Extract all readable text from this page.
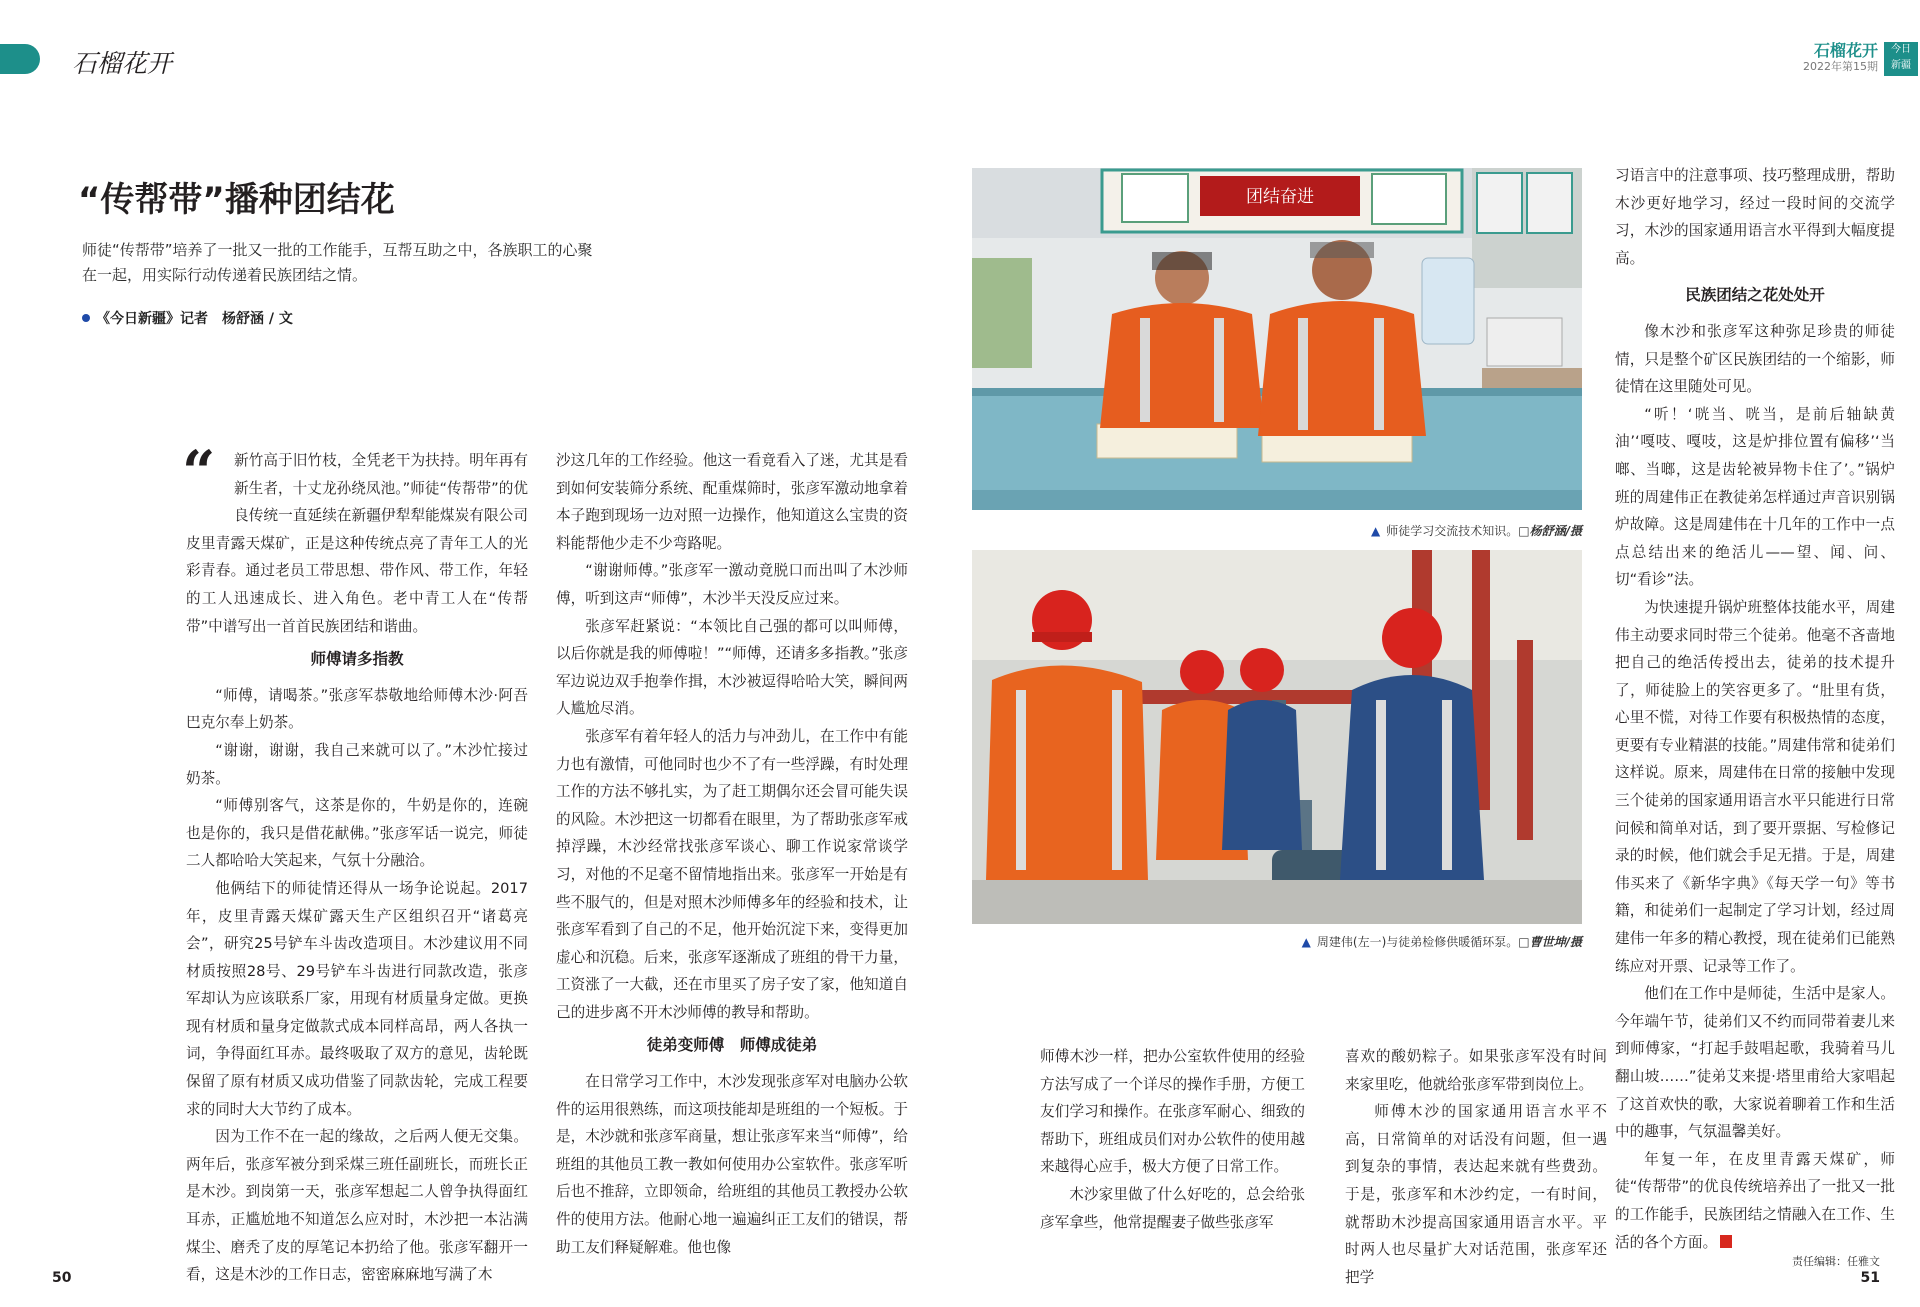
石榴花开	石榴花开
2022年第15期
今日
新疆
“传帮带”播种团结花

师徒“传帮带”培养了一批又一批的工作能手，互帮互助之中，各族职工的心聚在一起，用实际行动传递着民族团结之情。

《今日新疆》记者　杨舒涵 / 文
“	新竹高于旧竹枝，全凭老干为扶持。明年再有新生者，十丈龙孙绕凤池。”师徒“传帮带”的优良传统一直延续在新疆伊犁犁能煤炭有限公司皮里青露天煤矿，正是这种传统点亮了青年工人的光彩青春。通过老员工带思想、带作风、带工作，年轻的工人迅速成长、进入角色。老中青工人在“传帮带”中谱写出一首首民族团结和谐曲。

师傅请多指教

“师傅，请喝茶。”张彦军恭敬地给师傅木沙·阿吾巴克尔奉上奶茶。

“谢谢，谢谢，我自己来就可以了。”木沙忙接过奶茶。

“师傅别客气，这茶是你的，牛奶是你的，连碗也是你的，我只是借花献佛。”张彦军话一说完，师徒二人都哈哈大笑起来，气氛十分融洽。

他俩结下的师徒情还得从一场争论说起。2017年，皮里青露天煤矿露天生产区组织召开“诸葛亮会”，研究25号铲车斗齿改造项目。木沙建议用不同材质按照28号、29号铲车斗齿进行同款改造，张彦军却认为应该联系厂家，用现有材质量身定做。更换现有材质和量身定做款式成本同样高昂，两人各执一词，争得面红耳赤。最终吸取了双方的意见，齿轮既保留了原有材质又成功借鉴了同款齿轮，完成工程要求的同时大大节约了成本。

因为工作不在一起的缘故，之后两人便无交集。两年后，张彦军被分到采煤三班任副班长，而班长正是木沙。到岗第一天，张彦军想起二人曾争执得面红耳赤，正尴尬地不知道怎么应对时，木沙把一本沾满煤尘、磨秃了皮的厚笔记本扔给了他。张彦军翻开一看，这是木沙的工作日志，密密麻麻地写满了木

沙这几年的工作经验。他这一看竟看入了迷，尤其是看到如何安装筛分系统、配重煤筛时，张彦军激动地拿着本子跑到现场一边对照一边操作，他知道这么宝贵的资料能帮他少走不少弯路呢。

“谢谢师傅。”张彦军一激动竟脱口而出叫了木沙师傅，听到这声“师傅”，木沙半天没反应过来。

张彦军赶紧说：“本领比自己强的都可以叫师傅，以后你就是我的师傅啦！”“师傅，还请多多指教。”张彦军边说边双手抱拳作揖，木沙被逗得哈哈大笑，瞬间两人尴尬尽消。

张彦军有着年轻人的活力与冲劲儿，在工作中有能力也有激情，可他同时也少不了有一些浮躁，有时处理工作的方法不够扎实，为了赶工期偶尔还会冒可能失误的风险。木沙把这一切都看在眼里，为了帮助张彦军戒掉浮躁，木沙经常找张彦军谈心、聊工作说家常谈学习，对他的不足毫不留情地指出来。张彦军一开始是有些不服气的，但是对照木沙师傅多年的经验和技术，让张彦军看到了自己的不足，他开始沉淀下来，变得更加虚心和沉稳。后来，张彦军逐渐成了班组的骨干力量，工资涨了一大截，还在市里买了房子安了家，他知道自己的进步离不开木沙师傅的教导和帮助。

徒弟变师傅　师傅成徒弟

在日常学习工作中，木沙发现张彦军对电脑办公软件的运用很熟练，而这项技能却是班组的一个短板。于是，木沙就和张彦军商量，想让张彦军来当“师傅”，给班组的其他员工教一教如何使用办公室软件。张彦军听后也不推辞，立即领命，给班组的其他员工教授办公软件的使用方法。他耐心地一遍遍纠正工友们的错误，帮助工友们释疑解难。他也像

团结奋进
▲ 师徒学习交流技术知识。□杨舒涵/摄
▲ 周建伟(左一)与徒弟检修供暖循环泵。□曹世坤/摄

师傅木沙一样，把办公室软件使用的经验方法写成了一个详尽的操作手册，方便工友们学习和操作。在张彦军耐心、细致的帮助下，班组成员们对办公软件的使用越来越得心应手，极大方便了日常工作。

木沙家里做了什么好吃的，总会给张彦军拿些，他常提醒妻子做些张彦军

喜欢的酸奶粽子。如果张彦军没有时间来家里吃，他就给张彦军带到岗位上。

师傅木沙的国家通用语言水平不高，日常简单的对话没有问题，但一遇到复杂的事情，表达起来就有些费劲。于是，张彦军和木沙约定，一有时间，就帮助木沙提高国家通用语言水平。平时两人也尽量扩大对话范围，张彦军还把学

习语言中的注意事项、技巧整理成册，帮助木沙更好地学习，经过一段时间的交流学习，木沙的国家通用语言水平得到大幅度提高。

民族团结之花处处开

像木沙和张彦军这种弥足珍贵的师徒情，只是整个矿区民族团结的一个缩影，师徒情在这里随处可见。

“听！‘咣当、咣当，是前后轴缺黄油’‘嘎吱、嘎吱，这是炉排位置有偏移’‘当啷、当啷，这是齿轮被异物卡住了’。”锅炉班的周建伟正在教徒弟怎样通过声音识别锅炉故障。这是周建伟在十几年的工作中一点点总结出来的绝活儿——望、闻、问、切“看诊”法。

为快速提升锅炉班整体技能水平，周建伟主动要求同时带三个徒弟。他毫不吝啬地把自己的绝活传授出去，徒弟的技术提升了，师徒脸上的笑容更多了。“肚里有货，心里不慌，对待工作要有积极热情的态度，更要有专业精湛的技能。”周建伟常和徒弟们这样说。原来，周建伟在日常的接触中发现三个徒弟的国家通用语言水平只能进行日常问候和简单对话，到了要开票据、写检修记录的时候，他们就会手足无措。于是，周建伟买来了《新华字典》《每天学一句》等书籍，和徒弟们一起制定了学习计划，经过周建伟一年多的精心教授，现在徒弟们已能熟练应对开票、记录等工作了。

他们在工作中是师徒，生活中是家人。今年端午节，徒弟们又不约而同带着妻儿来到师傅家，“打起手鼓唱起歌，我骑着马儿翻山坡……”徒弟艾来提·塔里甫给大家唱起了这首欢快的歌，大家说着聊着工作和生活中的趣事，气氛温馨美好。

年复一年，在皮里青露天煤矿，师徒“传帮带”的优良传统培养出了一批又一批的工作能手，民族团结之情融入在工作、生活的各个方面。

50
责任编辑：任雅文
51
